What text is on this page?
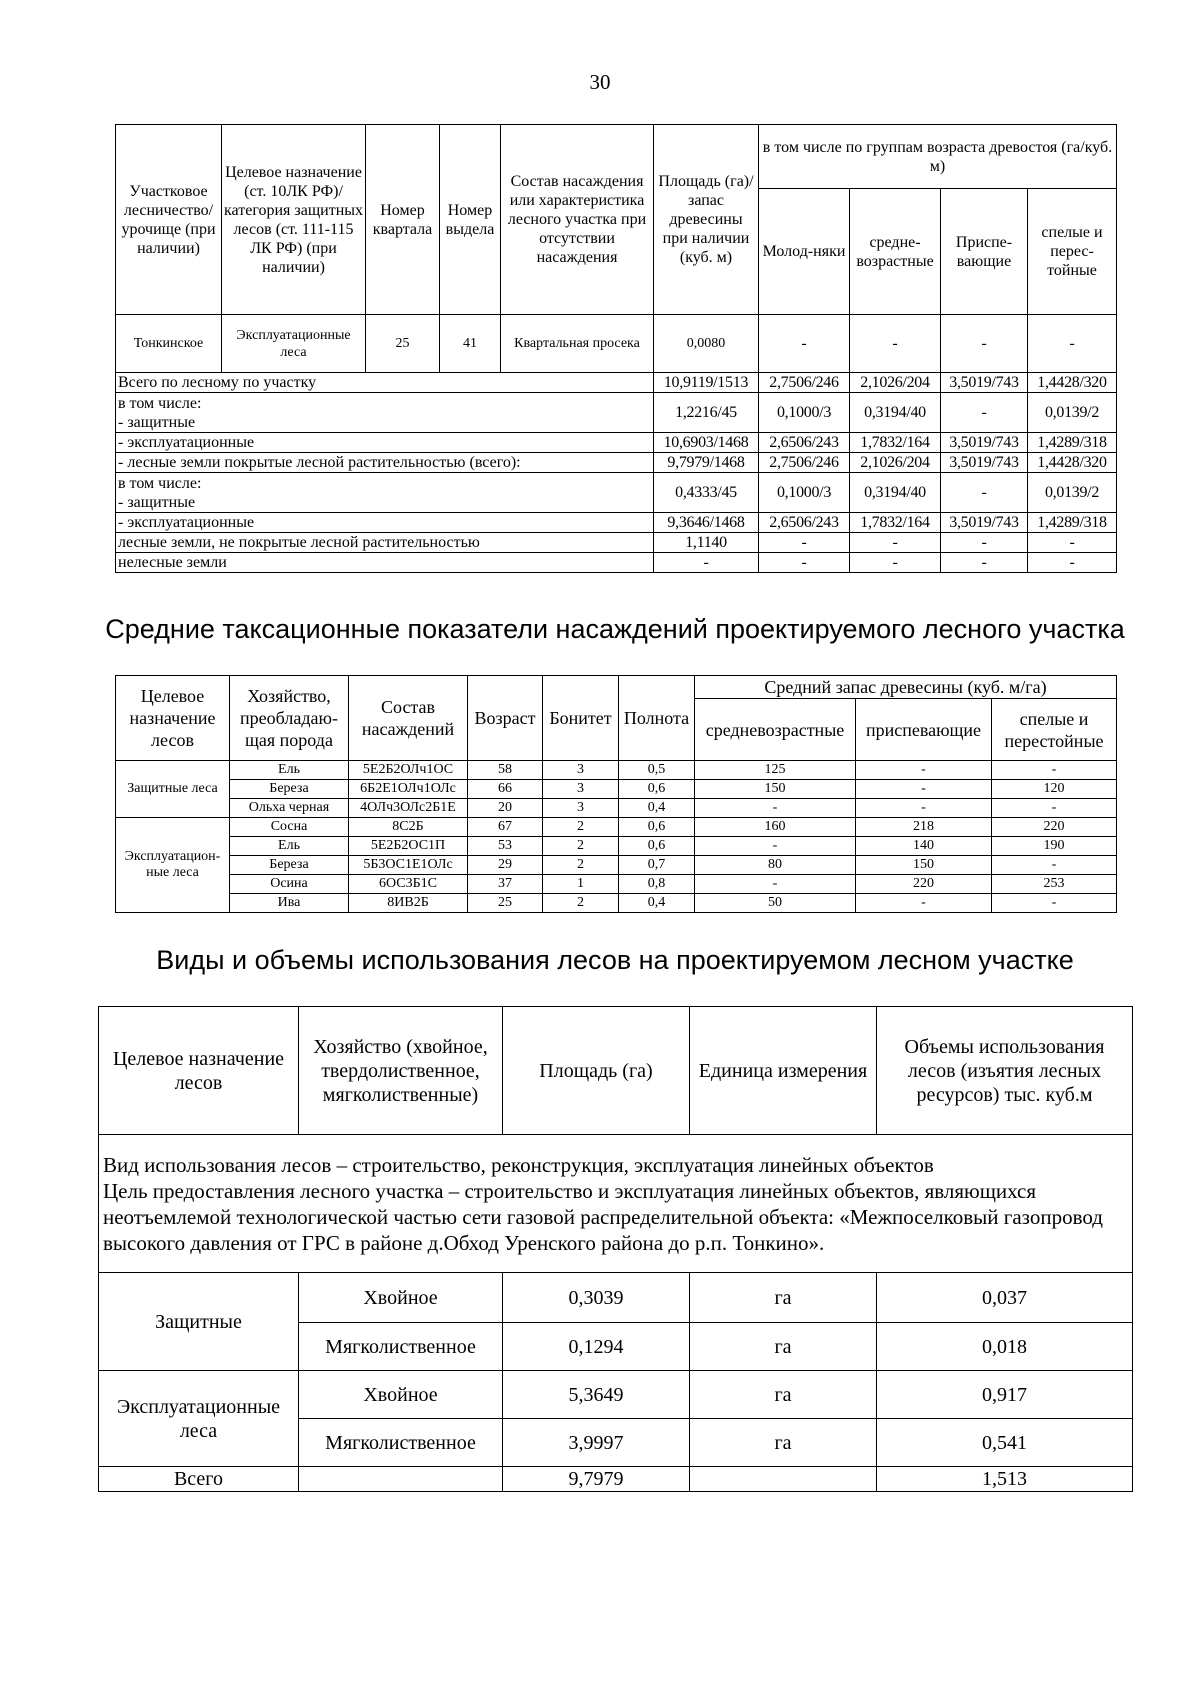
30
Участковое лесничество/ урочище (при наличии)	Целевое назначение (ст. 10ЛК РФ)/ категория защитных лесов (ст. 111-115 ЛК РФ) (при наличии)	Номер квартала	Номер выдела	Состав насаждения или характеристика лесного участка при отсутствии насаждения	Площадь (га)/ запас древесины при наличии (куб. м)	в том числе по группам возраста древостоя (га/куб. м)			
						Молод-няки	средне-возрастные	Приспе-вающие	спелые и перес-тойные
Тонкинское	Эксплуатационные леса	25	41	Квартальная просека	0,0080	-	-	-	-
Всего по лесному по участку					10,9119/1513	2,7506/246	2,1026/204	3,5019/743	1,4428/320

в том числе:
- защитные					1,2216/45	0,1000/3	0,3194/40	-	0,0139/2
- эксплуатационные					10,6903/1468	2,6506/243	1,7832/164	3,5019/743	1,4289/318
- лесные земли покрытые лесной растительностью (всего):					9,7979/1468	2,7506/246	2,1026/204	3,5019/743	1,4428/320

в том числе:
- защитные					0,4333/45	0,1000/3	0,3194/40	-	0,0139/2
- эксплуатационные					9,3646/1468	2,6506/243	1,7832/164	3,5019/743	1,4289/318
лесные земли, не покрытые лесной растительностью					1,1140	-	-	-	-
нелесные земли					-	-	-	-	-
Средние таксационные показатели насаждений проектируемого лесного участка
Целевое назначение лесов	Хозяйство, преобладаю-щая порода	Состав насаждений	Возраст	Бонитет	Полнота	Средний запас древесины (куб. м/га)		
						средневозрастные	приспевающие	спелые и перестойные
Защитные леса	Ель	5Е2Б2ОЛч1ОС	58	3	0,5	125	-	-
	Береза	6Б2Е1ОЛч1ОЛс	66	3	0,6	150	-	120
	Ольха черная	4ОЛч3ОЛс2Б1Е	20	3	0,4	-	-	-
Эксплуатацион-ные леса	Сосна	8С2Б	67	2	0,6	160	218	220
	Ель	5Е2Б2ОС1П	53	2	0,6	-	140	190
	Береза	5Б3ОС1Е1ОЛс	29	2	0,7	80	150	-
	Осина	6ОС3Б1С	37	1	0,8	-	220	253
	Ива	8ИВ2Б	25	2	0,4	50	-	-
Виды и объемы использования лесов на проектируемом лесном участке
Целевое назначение лесов	Хозяйство (хвойное, твердолиственное, мягколиственные)	Площадь (га)	Единица измерения	Объемы использования лесов (изъятия лесных ресурсов) тыс. куб.м

Вид использования лесов – строительство, реконструкция, эксплуатация линейных объектов
Цель предоставления лесного участка – строительство и эксплуатация линейных объектов, являющихся неотъемлемой технологической частью сети газовой распределительной объекта: «Межпоселковый газопровод высокого давления от ГРС в районе д.Обход Уренского района до р.п. Тонкино».				

Защитные	Хвойное	0,3039	га	0,037
	Мягколиственное	0,1294	га	0,018
Эксплуатационные леса	Хвойное	5,3649	га	0,917
	Мягколиственное	3,9997	га	0,541
Всего		9,7979		1,513
